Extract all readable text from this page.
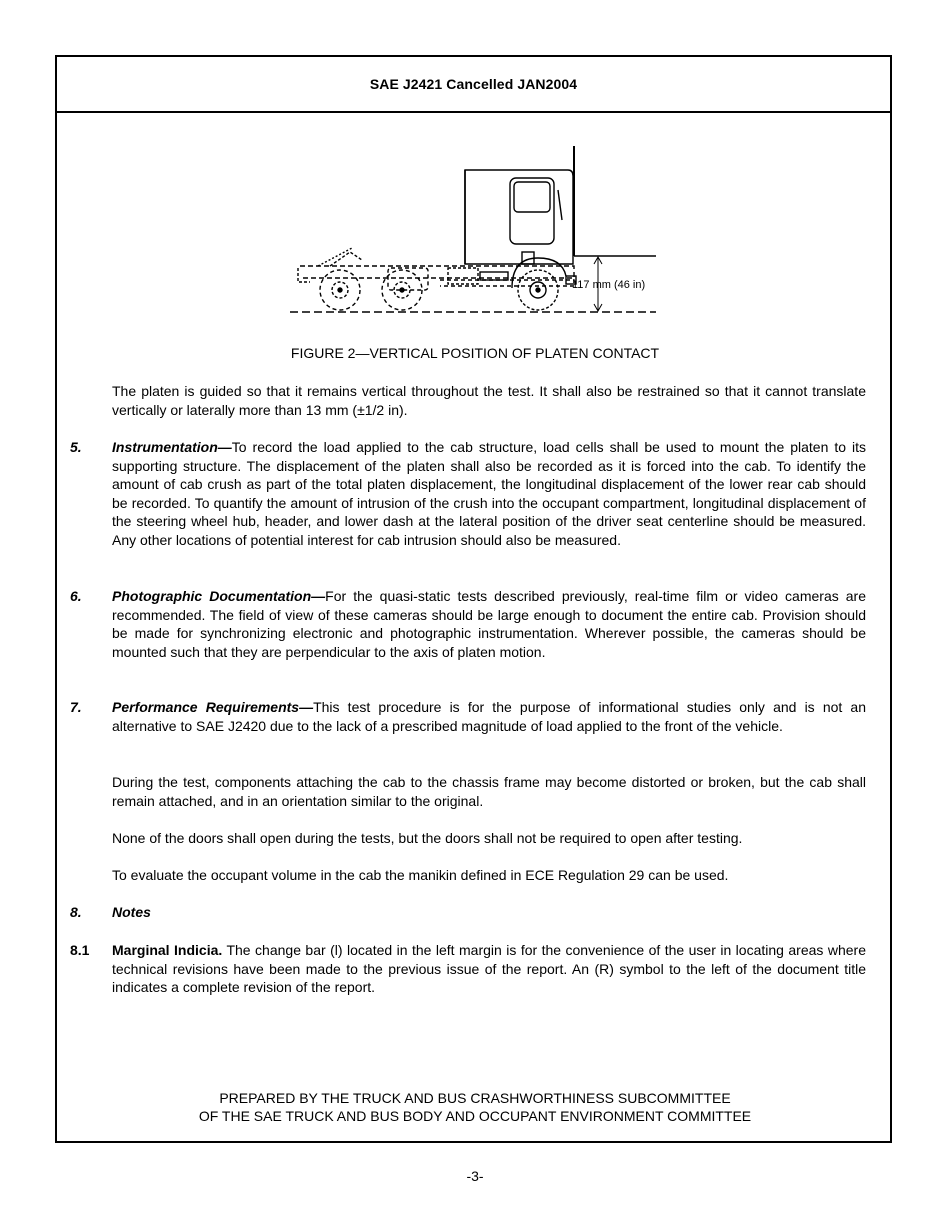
SAE J2421 Cancelled JAN2004
117 mm (46 in)
FIGURE 2—VERTICAL POSITION OF PLATEN CONTACT

The platen is guided so that it remains vertical throughout the test. It shall also be restrained so that it cannot translate vertically or laterally more than 13 mm (±1/2 in).

5. Instrumentation—To record the load applied to the cab structure, load cells shall be used to mount the platen to its supporting structure. The displacement of the platen shall also be recorded as it is forced into the cab. To identify the amount of cab crush as part of the total platen displacement, the longitudinal displacement of the lower rear cab should be recorded. To quantify the amount of intrusion of the crush into the occupant compartment, longitudinal displacement of the steering wheel hub, header, and lower dash at the lateral position of the driver seat centerline should be measured. Any other locations of potential interest for cab intrusion should also be measured.

6. Photographic Documentation—For the quasi-static tests described previously, real-time film or video cameras are recommended. The field of view of these cameras should be large enough to document the entire cab. Provision should be made for synchronizing electronic and photographic instrumentation. Wherever possible, the cameras should be mounted such that they are perpendicular to the axis of platen motion.

7. Performance Requirements—This test procedure is for the purpose of informational studies only and is not an alternative to SAE J2420 due to the lack of a prescribed magnitude of load applied to the front of the vehicle.

During the test, components attaching the cab to the chassis frame may become distorted or broken, but the cab shall remain attached, and in an orientation similar to the original.

None of the doors shall open during the tests, but the doors shall not be required to open after testing.

To evaluate the occupant volume in the cab the manikin defined in ECE Regulation 29 can be used.

8. Notes

8.1 Marginal Indicia. The change bar (l) located in the left margin is for the convenience of the user in locating areas where technical revisions have been made to the previous issue of the report. An (R) symbol to the left of the document title indicates a complete revision of the report.

PREPARED BY THE TRUCK AND BUS CRASHWORTHINESS SUBCOMMITTEE
OF THE SAE TRUCK AND BUS BODY AND OCCUPANT ENVIRONMENT COMMITTEE
-3-
